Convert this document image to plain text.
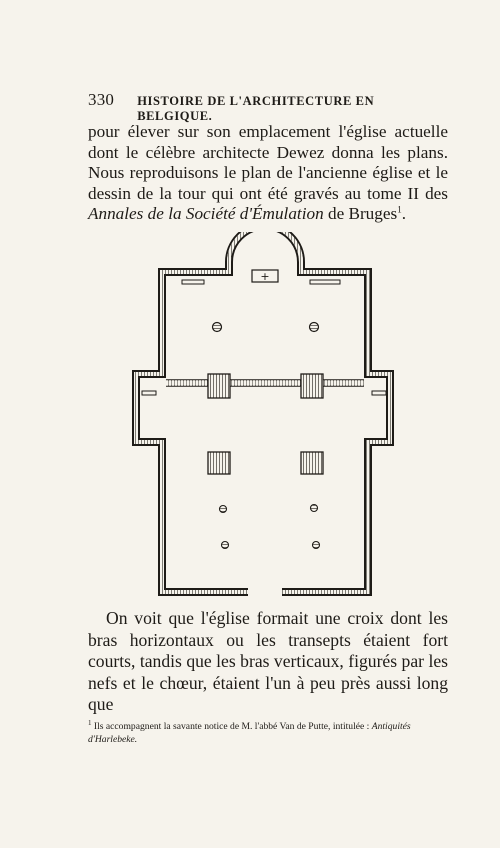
330	HISTOIRE DE L'ARCHITECTURE EN BELGIQUE.

pour élever sur son emplacement l'église actuelle dont le célèbre architecte Dewez donna les plans. Nous reproduisons le plan de l'ancienne église et le dessin de la tour qui ont été gravés au tome II des Annales de la Société d'Émulation de Bruges$^1$.

+

On voit que l'église formait une croix dont les bras horizontaux ou les transepts étaient fort courts, tandis que les bras verticaux, figurés par les nefs et le chœur, étaient l'un à peu près aussi long que

$^1$ Ils accompagnent la savante notice de M. l'abbé Van de Putte, intitulée : Antiquités d'Harlebeke.
